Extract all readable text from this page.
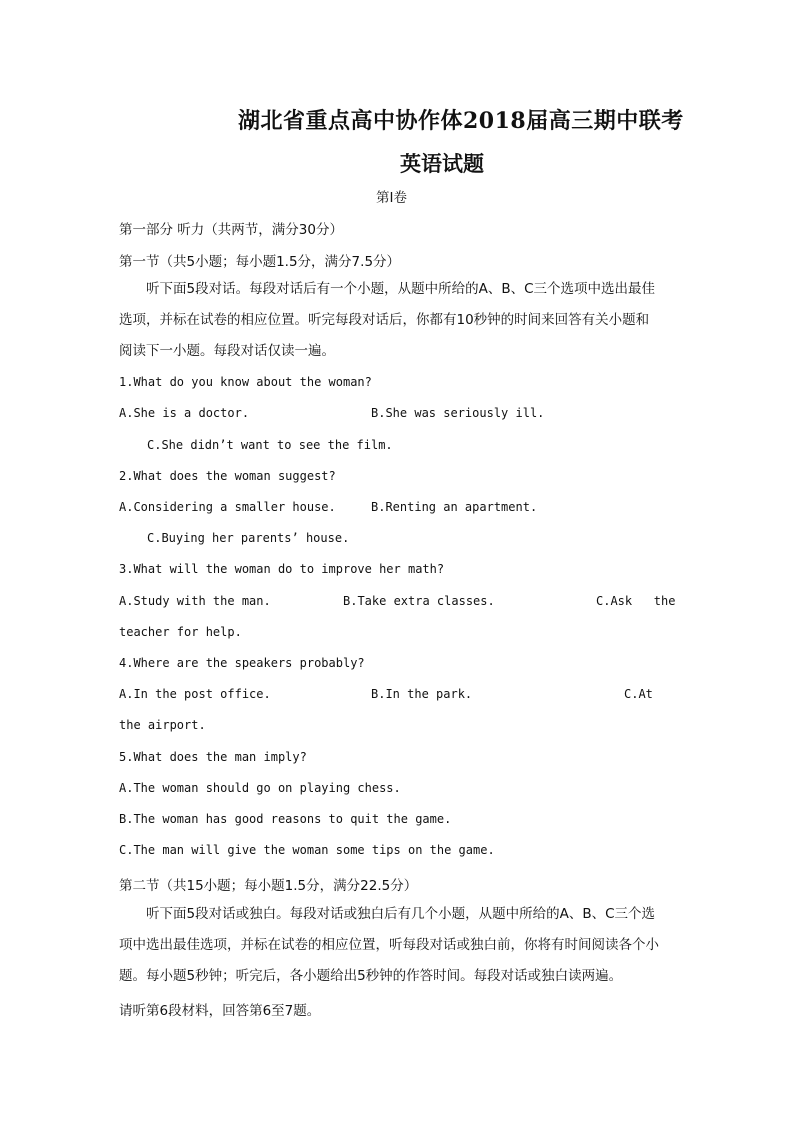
湖北省重点高中协作体2018届高三期中联考
英语试题
第I卷
第一部分 听力（共两节，满分30分）
第一节（共5小题；每小题1.5分，满分7.5分）
听下面5段对话。每段对话后有一个小题，从题中所给的A、B、C三个选项中选出最佳
选项，并标在试卷的相应位置。听完每段对话后，你都有10秒钟的时间来回答有关小题和
阅读下一小题。每段对话仅读一遍。
1.What do you know about the woman?
A.She is a doctor.	B.She was seriously ill.
C.She didn’t want to see the film.
2.What does the woman suggest?
A.Considering a smaller house.	B.Renting an apartment.
C.Buying her parents’ house.
3.What will the woman do to improve her math?
A.Study with the man.	B.Take extra classes.	C.Ask   the
teacher for help.
4.Where are the speakers probably?
A.In the post office.	B.In the park.	C.At
the airport.
5.What does the man imply?
A.The woman should go on playing chess.
B.The woman has good reasons to quit the game.
C.The man will give the woman some tips on the game.
第二节（共15小题；每小题1.5分，满分22.5分）
听下面5段对话或独白。每段对话或独白后有几个小题，从题中所给的A、B、C三个选
项中选出最佳选项，并标在试卷的相应位置，听每段对话或独白前，你将有时间阅读各个小
题。每小题5秒钟；听完后，各小题给出5秒钟的作答时间。每段对话或独白读两遍。
请听第6段材料，回答第6至7题。
